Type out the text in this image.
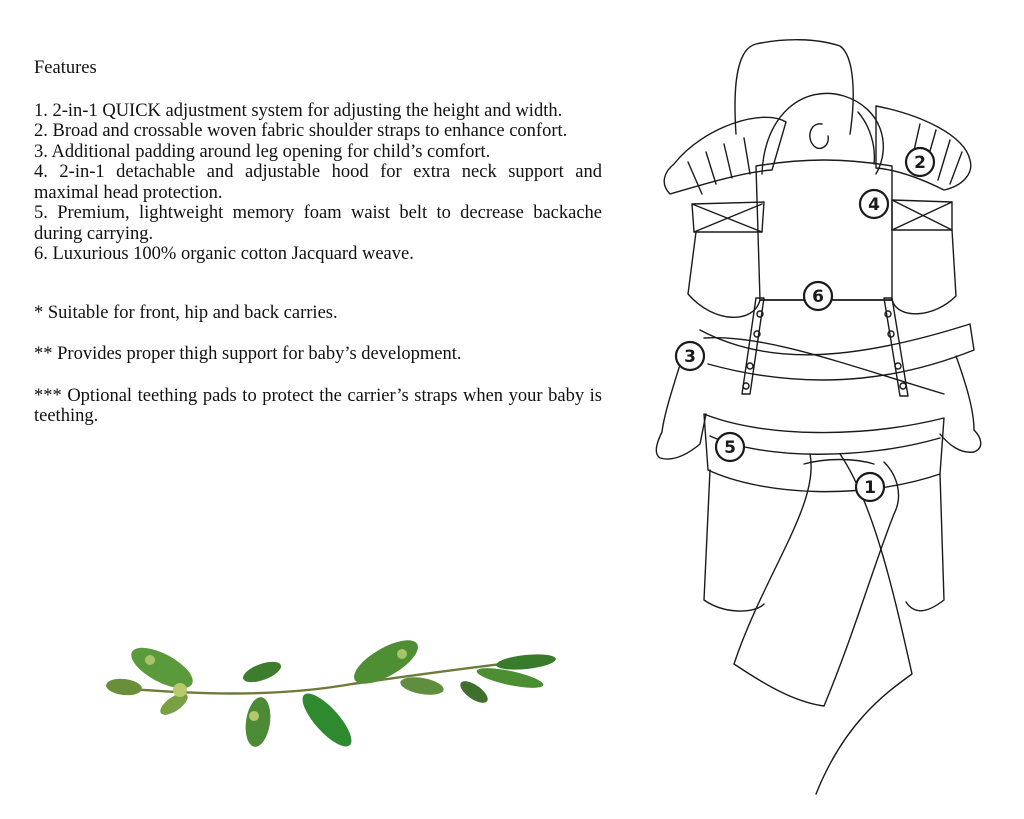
Features

1. 2-in-1 QUICK adjustment system for adjusting the height and width.

2. Broad and crossable woven fabric shoulder straps to enhance confort.

3. Additional padding around leg opening for child’s comfort.

4. 2-in-1 detachable and adjustable hood for extra neck support and maximal head protection.

5. Premium, lightweight memory foam waist belt to decrease backache during carrying.

6. Luxurious 100% organic cotton Jacquard weave.

* Suitable for front, hip and back carries.

** Provides proper thigh support for baby’s development.

*** Optional teething pads to protect the carrier’s straps when your baby is teething.

1
2
3
4
5
6
